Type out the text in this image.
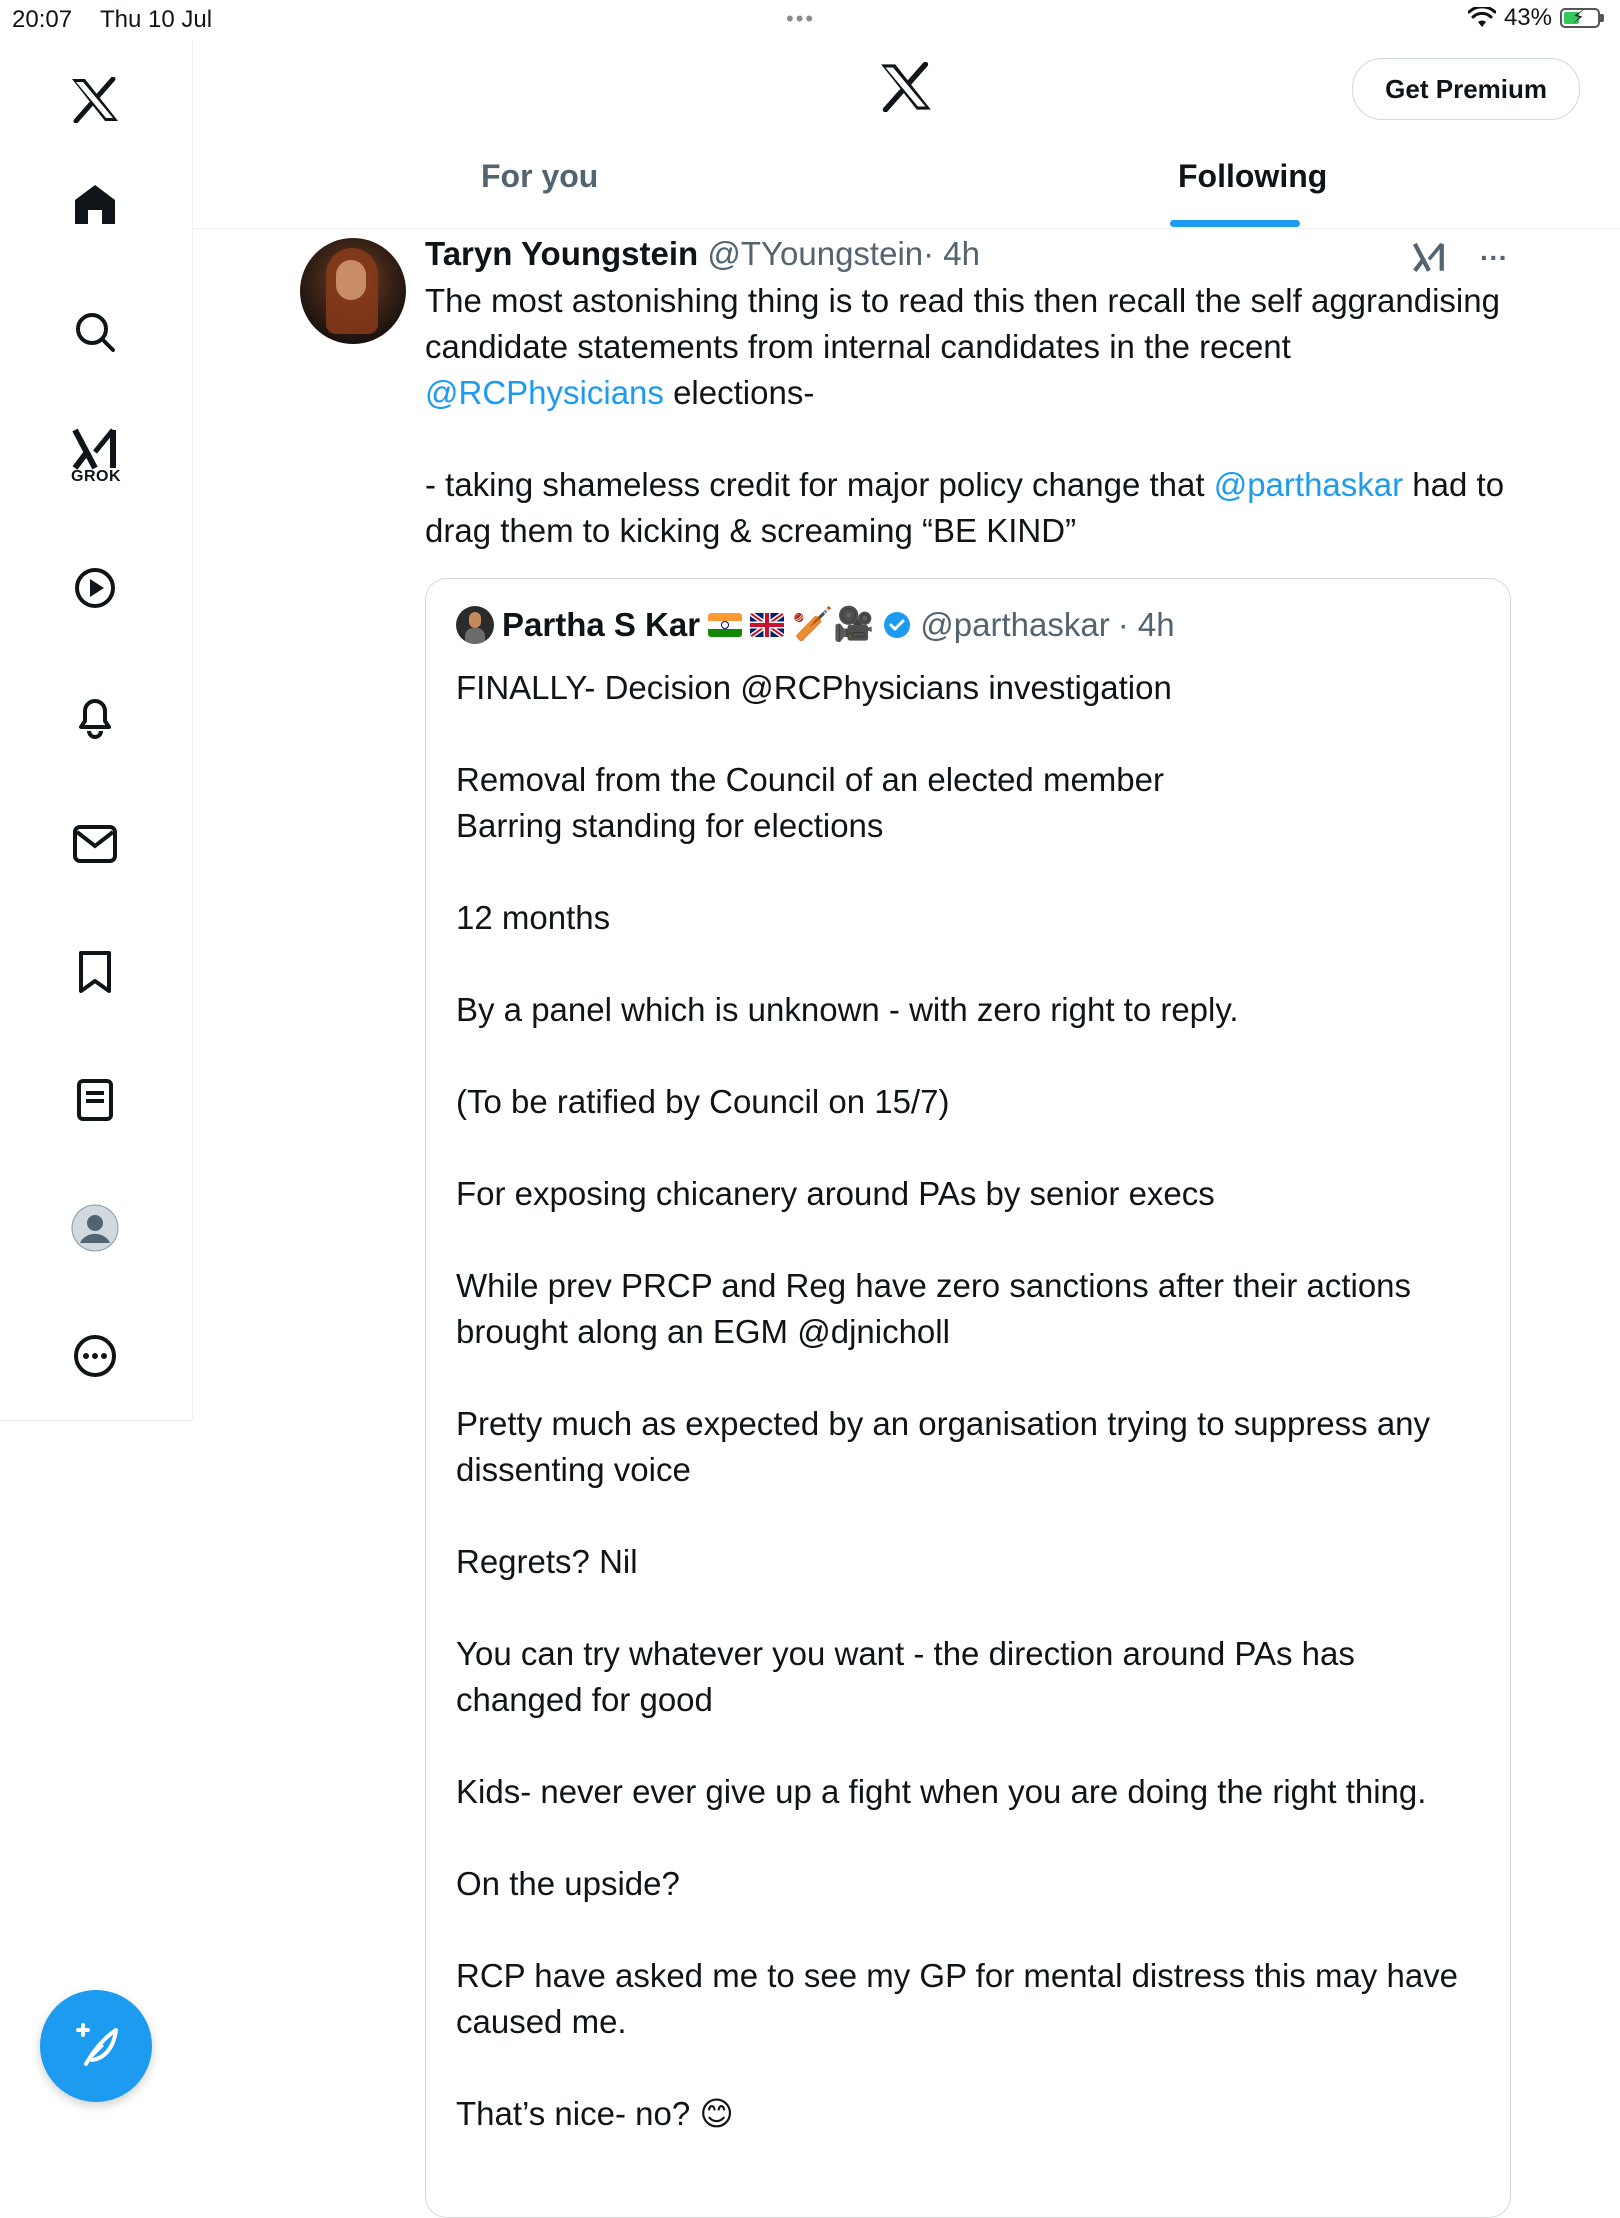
20:07 Thu 10 Jul	•••	43% ⚡
GROK
Get Premium
For you	Following
Taryn Youngstein @TYoungstein· 4h	···

The most astonishing thing is to read this then recall the self aggrandising candidate statements from internal candidates in the recent @RCPhysicians elections-

- taking shameless credit for major policy change that @parthaskar had to drag them to kicking & screaming “BE KIND”

Partha S Kar	🏏🎥 @parthaskar · 4h

FINALLY- Decision @RCPhysicians investigation

Removal from the Council of an elected member

Barring standing for elections

12 months

By a panel which is unknown - with zero right to reply.

(To be ratified by Council on 15/7)

For exposing chicanery around PAs by senior execs

While prev PRCP and Reg have zero sanctions after their actions brought along an EGM @djnicholl

Pretty much as expected by an organisation trying to suppress any dissenting voice

Regrets? Nil

You can try whatever you want - the direction around PAs has changed for good

Kids- never ever give up a fight when you are doing the right thing.

On the upside?

RCP have asked me to see my GP for mental distress this may have caused me.

That’s nice- no? 😊
